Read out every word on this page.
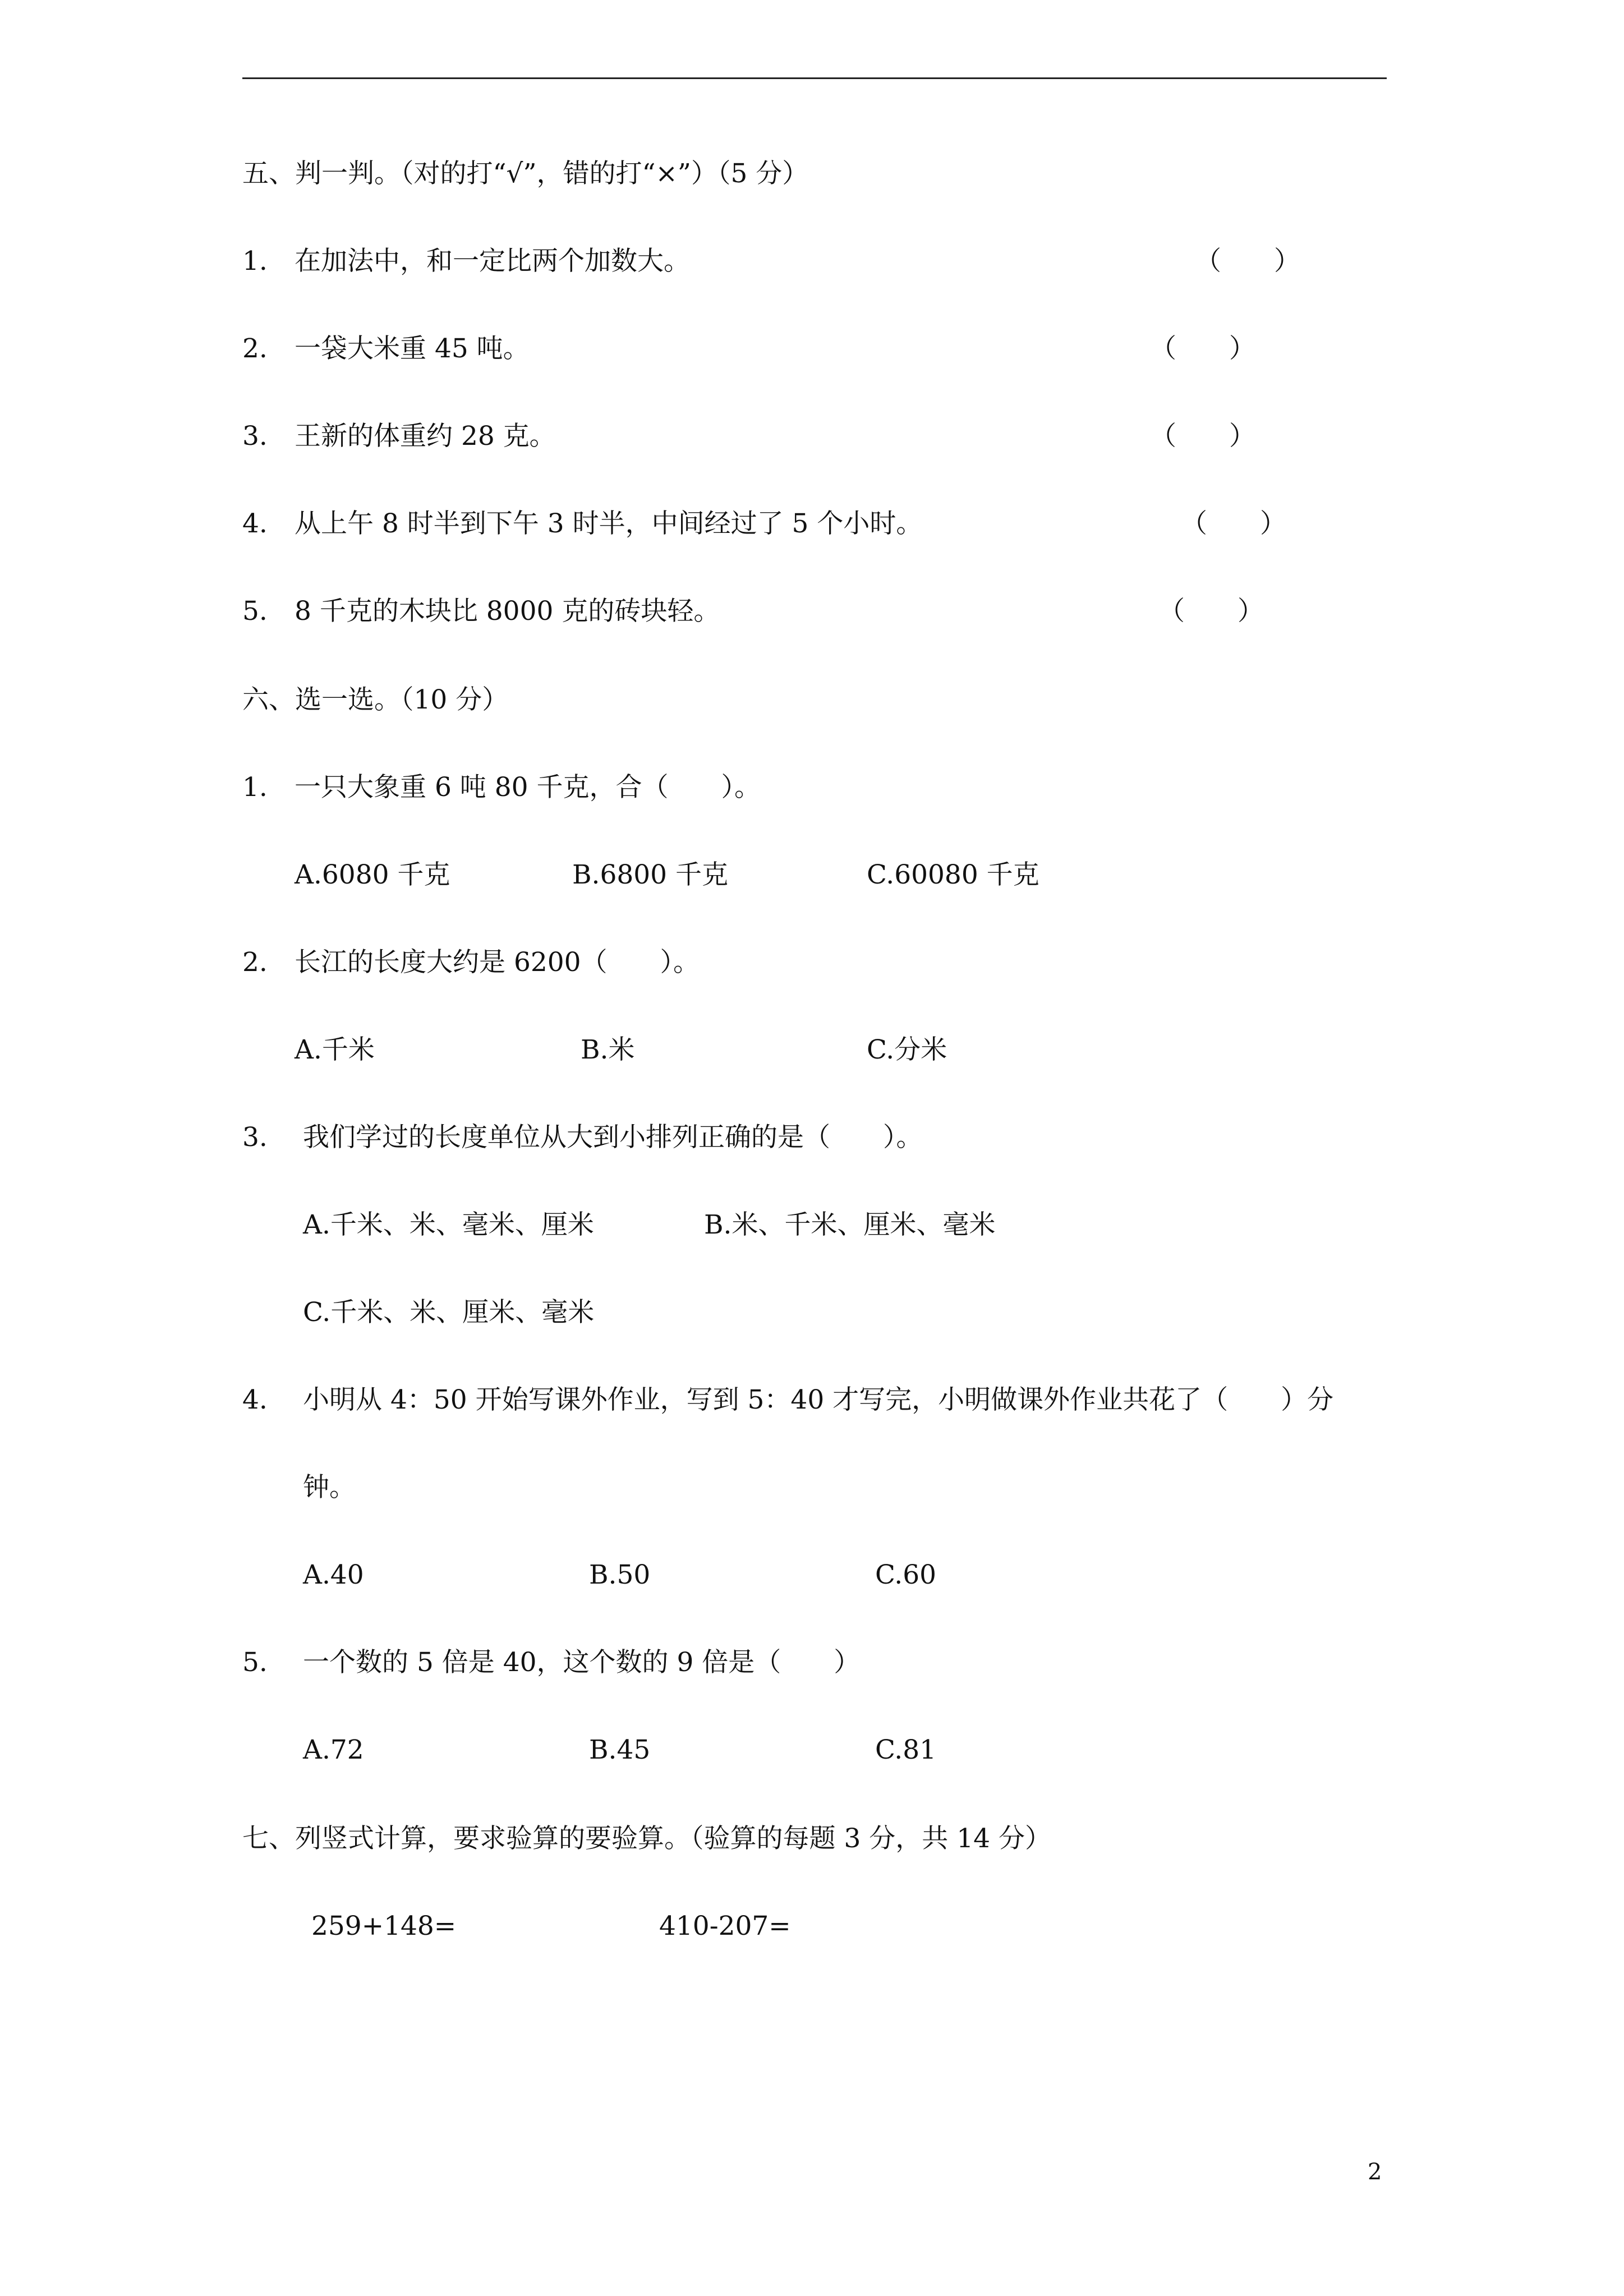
五、判一判。（对的打“√”，错的打“×”）（5 分）
1. 在加法中，和一定比两个加数大。	（　　）
2. 一袋大米重 45 吨。	（　　）
3. 王新的体重约 28 克。	（　　）
4. 从上午 8 时半到下午 3 时半，中间经过了 5 个小时。	（　　）
5. 8 千克的木块比 8000 克的砖块轻。	（　　）
六、选一选。（10 分）
1. 一只大象重 6 吨 80 千克，合（　　）。
A.6080 千克	B.6800 千克	C.60080 千克
2. 长江的长度大约是 6200（　　）。
A.千米	B.米	C.分米
3. 我们学过的长度单位从大到小排列正确的是（　　）。
A.千米、米、毫米、厘米	B.米、千米、厘米、毫米
C.千米、米、厘米、毫米
4. 小明从 4：50 开始写课外作业，写到 5：40 才写完，小明做课外作业共花了（　　）分
钟。
A.40	B.50	C.60
5. 一个数的 5 倍是 40，这个数的 9 倍是（　　）
A.72	B.45	C.81
七、列竖式计算，要求验算的要验算。（验算的每题 3 分，共 14 分）
259+148=	410-207=
2
